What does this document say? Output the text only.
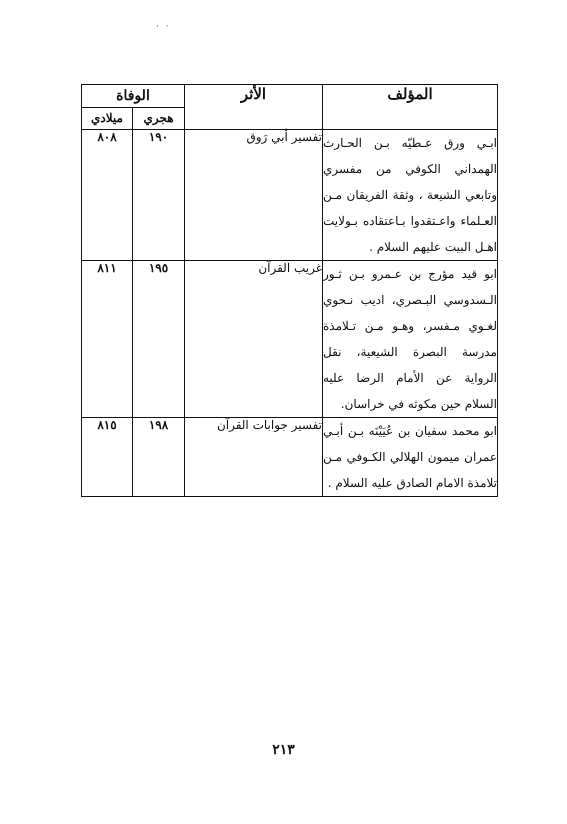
· ·
المؤلف	الأثر	الوفاة	
		هجري	ميلادي
ابـي ورق عـطيّه بـن الحـارث الهمداني الكوفي من مفسري وتابعي الشيعة ، وثقة الفريقان مـن العـلماء واعـتقدوا بـاعتقاده بـولايت اهـل البيت عليهم السلام .	تفسير أبي رَوق	١٩٠	٨٠٨
ابو قيد مؤرج بن عـمرو بـن ثـور الـسدوسي البـصري، اديب نـحوي لغـوي مـفسر، وهـو مـن تـلامذة مدرسة البصرة الشيعية، نقل الرواية عن الأمام الرضا عليه السلام حين مكوثه في خراسان.	غريب القرآن	١٩٥	٨١١
ابو محمد سفيان بن عُيَيْنَه بـن أبـي عمران ميمون الهلالي الكـوفي مـن تلامذة الامام الصادق عليه السلام .	تفسير جوابات القرآن	١٩٨	٨١٥
٢١٣
